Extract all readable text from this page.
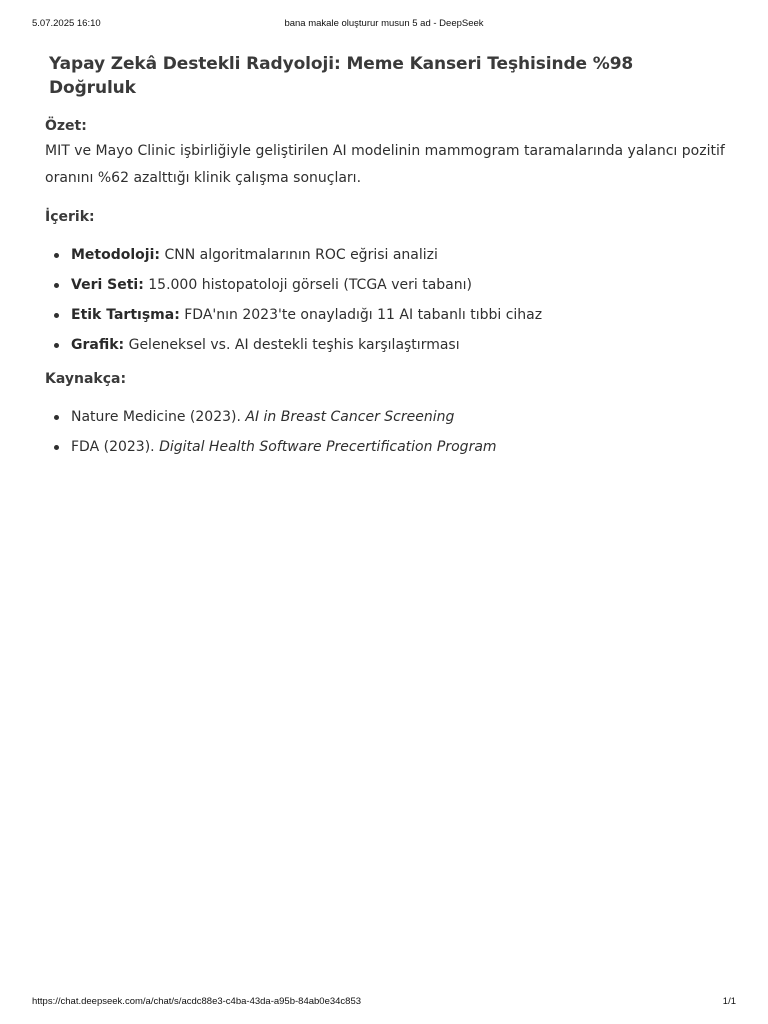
5.07.2025 16:10	bana makale oluşturur musun 5 ad - DeepSeek
Yapay Zekâ Destekli Radyoloji: Meme Kanseri Teşhisinde %98 Doğruluk
Özet:

MIT ve Mayo Clinic işbirliğiyle geliştirilen AI modelinin mammogram taramalarında yalancı pozitif oranını %62 azalttığı klinik çalışma sonuçları.

İçerik:
Metodoloji: CNN algoritmalarının ROC eğrisi analizi
Veri Seti: 15.000 histopatoloji görseli (TCGA veri tabanı)
Etik Tartışma: FDA'nın 2023'te onayladığı 11 AI tabanlı tıbbi cihaz
Grafik: Geleneksel vs. AI destekli teşhis karşılaştırması
Kaynakça:
Nature Medicine (2023). AI in Breast Cancer Screening
FDA (2023). Digital Health Software Precertification Program
https://chat.deepseek.com/a/chat/s/acdc88e3-c4ba-43da-a95b-84ab0e34c853	1/1
